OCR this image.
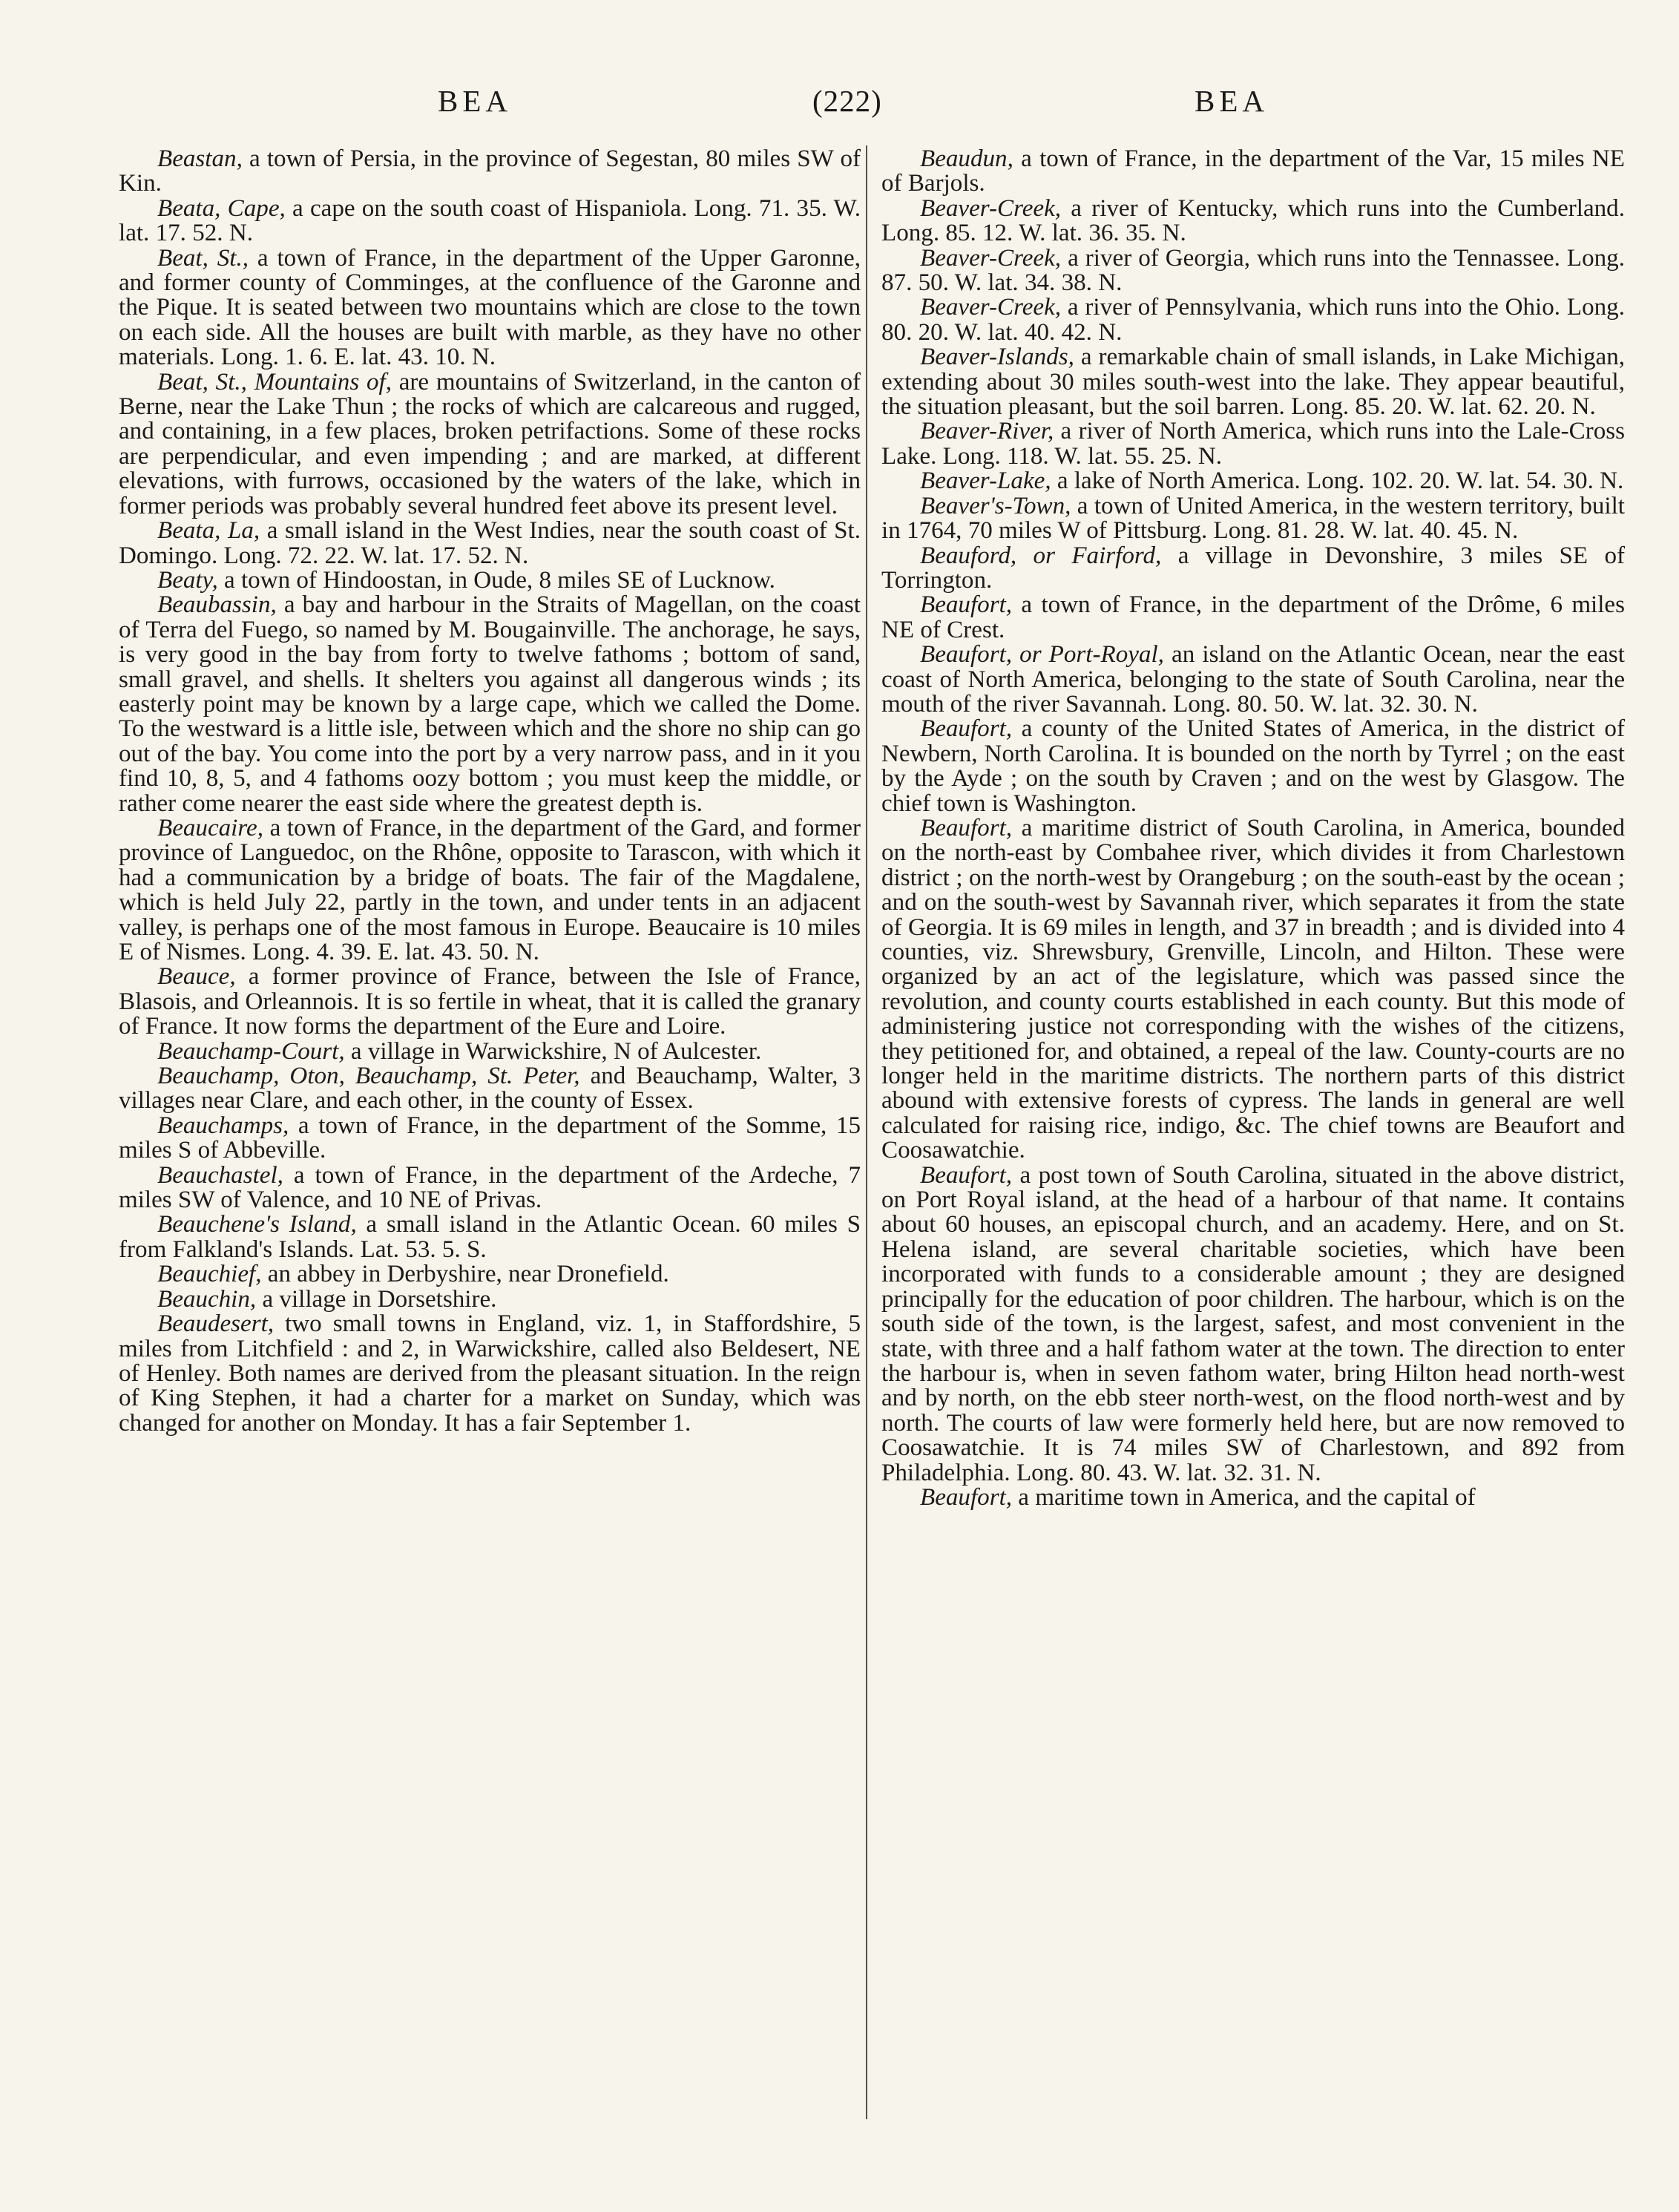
BEA	(222)	BEA

Beastan, a town of Persia, in the province of Segestan, 80 miles SW of Kin.

Beata, Cape, a cape on the south coast of Hispaniola. Long. 71. 35. W. lat. 17. 52. N.

Beat, St., a town of France, in the department of the Upper Garonne, and former county of Comminges, at the confluence of the Garonne and the Pique. It is seated between two mountains which are close to the town on each side. All the houses are built with marble, as they have no other materials. Long. 1. 6. E. lat. 43. 10. N.

Beat, St., Mountains of, are mountains of Switzerland, in the canton of Berne, near the Lake Thun ; the rocks of which are calcareous and rugged, and containing, in a few places, broken petrifactions. Some of these rocks are perpendicular, and even impending ; and are marked, at different elevations, with furrows, occasioned by the waters of the lake, which in former periods was probably several hundred feet above its present level.

Beata, La, a small island in the West Indies, near the south coast of St. Domingo. Long. 72. 22. W. lat. 17. 52. N.

Beaty, a town of Hindoostan, in Oude, 8 miles SE of Lucknow.

Beaubassin, a bay and harbour in the Straits of Magellan, on the coast of Terra del Fuego, so named by M. Bougainville. The anchorage, he says, is very good in the bay from forty to twelve fathoms ; bottom of sand, small gravel, and shells. It shelters you against all dangerous winds ; its easterly point may be known by a large cape, which we called the Dome. To the westward is a little isle, between which and the shore no ship can go out of the bay. You come into the port by a very narrow pass, and in it you find 10, 8, 5, and 4 fathoms oozy bottom ; you must keep the middle, or rather come nearer the east side where the greatest depth is.

Beaucaire, a town of France, in the department of the Gard, and former province of Languedoc, on the Rhône, opposite to Tarascon, with which it had a communication by a bridge of boats. The fair of the Magdalene, which is held July 22, partly in the town, and under tents in an adjacent valley, is perhaps one of the most famous in Europe. Beaucaire is 10 miles E of Nismes. Long. 4. 39. E. lat. 43. 50. N.

Beauce, a former province of France, between the Isle of France, Blasois, and Orleannois. It is so fertile in wheat, that it is called the granary of France. It now forms the department of the Eure and Loire.

Beauchamp-Court, a village in Warwickshire, N of Aulcester.

Beauchamp, Oton, Beauchamp, St. Peter, and Beauchamp, Walter, 3 villages near Clare, and each other, in the county of Essex.

Beauchamps, a town of France, in the department of the Somme, 15 miles S of Abbeville.

Beauchastel, a town of France, in the department of the Ardeche, 7 miles SW of Valence, and 10 NE of Privas.

Beauchene's Island, a small island in the Atlantic Ocean. 60 miles S from Falkland's Islands. Lat. 53. 5. S.

Beauchief, an abbey in Derbyshire, near Dronefield.

Beauchin, a village in Dorsetshire.

Beaudesert, two small towns in England, viz. 1, in Staffordshire, 5 miles from Litchfield : and 2, in Warwickshire, called also Beldesert, NE of Henley. Both names are derived from the pleasant situation. In the reign of King Stephen, it had a charter for a market on Sunday, which was changed for another on Monday. It has a fair September 1.

Beaudun, a town of France, in the department of the Var, 15 miles NE of Barjols.

Beaver-Creek, a river of Kentucky, which runs into the Cumberland. Long. 85. 12. W. lat. 36. 35. N.

Beaver-Creek, a river of Georgia, which runs into the Tennassee. Long. 87. 50. W. lat. 34. 38. N.

Beaver-Creek, a river of Pennsylvania, which runs into the Ohio. Long. 80. 20. W. lat. 40. 42. N.

Beaver-Islands, a remarkable chain of small islands, in Lake Michigan, extending about 30 miles south-west into the lake. They appear beautiful, the situation pleasant, but the soil barren. Long. 85. 20. W. lat. 62. 20. N.

Beaver-River, a river of North America, which runs into the Lale-Cross Lake. Long. 118. W. lat. 55. 25. N.

Beaver-Lake, a lake of North America. Long. 102. 20. W. lat. 54. 30. N.

Beaver's-Town, a town of United America, in the western territory, built in 1764, 70 miles W of Pittsburg. Long. 81. 28. W. lat. 40. 45. N.

Beauford, or Fairford, a village in Devonshire, 3 miles SE of Torrington.

Beaufort, a town of France, in the department of the Drôme, 6 miles NE of Crest.

Beaufort, or Port-Royal, an island on the Atlantic Ocean, near the east coast of North America, belonging to the state of South Carolina, near the mouth of the river Savannah. Long. 80. 50. W. lat. 32. 30. N.

Beaufort, a county of the United States of America, in the district of Newbern, North Carolina. It is bounded on the north by Tyrrel ; on the east by the Ayde ; on the south by Craven ; and on the west by Glasgow. The chief town is Washington.

Beaufort, a maritime district of South Carolina, in America, bounded on the north-east by Combahee river, which divides it from Charlestown district ; on the north-west by Orangeburg ; on the south-east by the ocean ; and on the south-west by Savannah river, which separates it from the state of Georgia. It is 69 miles in length, and 37 in breadth ; and is divided into 4 counties, viz. Shrewsbury, Grenville, Lincoln, and Hilton. These were organized by an act of the legislature, which was passed since the revolution, and county courts established in each county. But this mode of administering justice not corresponding with the wishes of the citizens, they petitioned for, and obtained, a repeal of the law. County-courts are no longer held in the maritime districts. The northern parts of this district abound with extensive forests of cypress. The lands in general are well calculated for raising rice, indigo, &c. The chief towns are Beaufort and Coosawatchie.

Beaufort, a post town of South Carolina, situated in the above district, on Port Royal island, at the head of a harbour of that name. It contains about 60 houses, an episcopal church, and an academy. Here, and on St. Helena island, are several charitable societies, which have been incorporated with funds to a considerable amount ; they are designed principally for the education of poor children. The harbour, which is on the south side of the town, is the largest, safest, and most convenient in the state, with three and a half fathom water at the town. The direction to enter the harbour is, when in seven fathom water, bring Hilton head north-west and by north, on the ebb steer north-west, on the flood north-west and by north. The courts of law were formerly held here, but are now removed to Coosawatchie. It is 74 miles SW of Charlestown, and 892 from Philadelphia. Long. 80. 43. W. lat. 32. 31. N.

Beaufort, a maritime town in America, and the capital of
